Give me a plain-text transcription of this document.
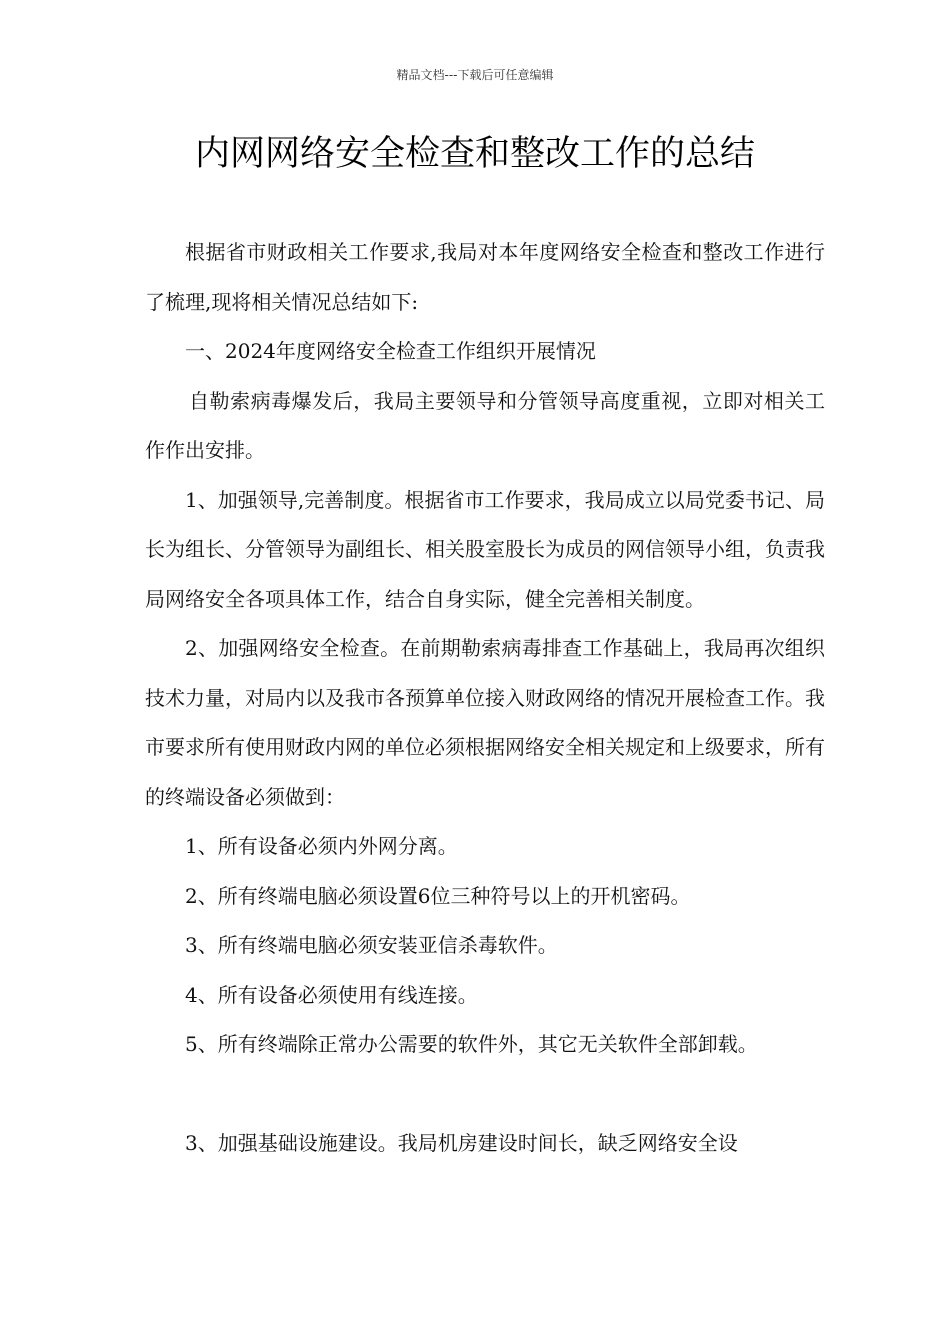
精品文档---下载后可任意编辑
内网网络安全检查和整改工作的总结

根据省市财政相关工作要求,我局对本年度网络安全检查和整改工作进行了梳理,现将相关情况总结如下:

一、2024年度网络安全检查工作组织开展情况

自勒索病毒爆发后，我局主要领导和分管领导高度重视，立即对相关工作作出安排。

1、加强领导,完善制度。根据省市工作要求，我局成立以局党委书记、局长为组长、分管领导为副组长、相关股室股长为成员的网信领导小组，负责我局网络安全各项具体工作，结合自身实际，健全完善相关制度。

2、加强网络安全检查。在前期勒索病毒排查工作基础上，我局再次组织技术力量，对局内以及我市各预算单位接入财政网络的情况开展检查工作。我市要求所有使用财政内网的单位必须根据网络安全相关规定和上级要求，所有的终端设备必须做到：

1、所有设备必须内外网分离。

2、所有终端电脑必须设置6位三种符号以上的开机密码。

3、所有终端电脑必须安装亚信杀毒软件。

4、所有设备必须使用有线连接。

5、所有终端除正常办公需要的软件外，其它无关软件全部卸载。

3、加强基础设施建设。我局机房建设时间长，缺乏网络安全设
